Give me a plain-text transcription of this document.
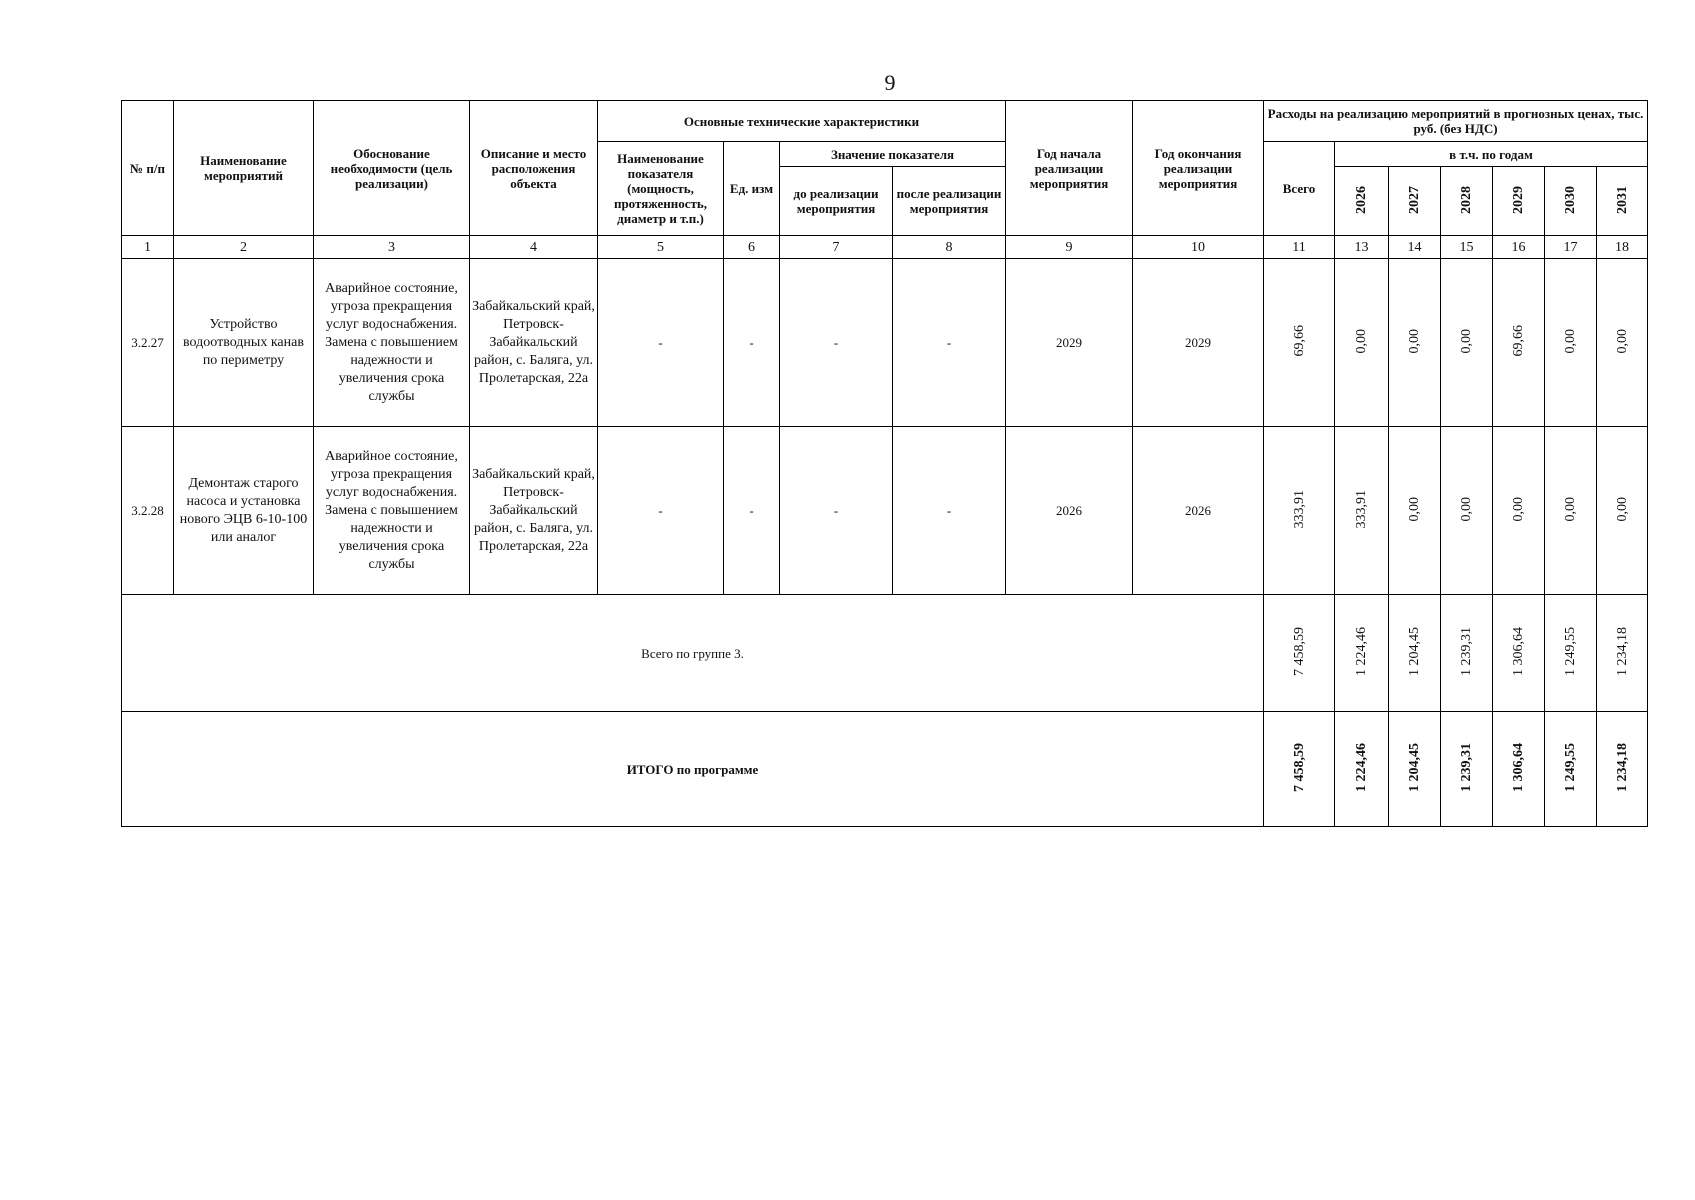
9
№ п/п	Наименование мероприятий	Обоснование необходимости (цель реализации)	Описание и место расположения объекта	Основные технические характеристики				Год начала реализации мероприятия	Год окончания реализации мероприятия	Расходы на реализацию мероприятий в прогнозных ценах, тыс. руб. (без НДС)						
				Наименование показателя (мощность, протяженность, диаметр и т.п.)	Ед. изм	Значение показателя				Всего	в т.ч. по годам					
						до реализации мероприятия	после реализации мероприятия				2026	2027	2028	2029	2030	2031
1	2	3	4	5	6	7	8	9	10	11	13	14	15	16	17	18
3.2.27	Устройство водоотводных канав по периметру	Аварийное состояние, угроза прекращения услуг водоснабжения. Замена с повышением надежности и увеличения срока службы	Забайкальский край, Петровск-Забайкальский район, с. Баляга, ул. Пролетарская, 22а	-	-	-	-	2029	2029	69,66	0,00	0,00	0,00	69,66	0,00	0,00
3.2.28	Демонтаж старого насоса и установка нового ЭЦВ 6-10-100 или аналог	Аварийное состояние, угроза прекращения услуг водоснабжения. Замена с повышением надежности и увеличения срока службы	Забайкальский край, Петровск-Забайкальский район, с. Баляга, ул. Пролетарская, 22а	-	-	-	-	2026	2026	333,91	333,91	0,00	0,00	0,00	0,00	0,00
Всего по группе 3.										7 458,59	1 224,46	1 204,45	1 239,31	1 306,64	1 249,55	1 234,18
ИТОГО по программе										7 458,59	1 224,46	1 204,45	1 239,31	1 306,64	1 249,55	1 234,18
